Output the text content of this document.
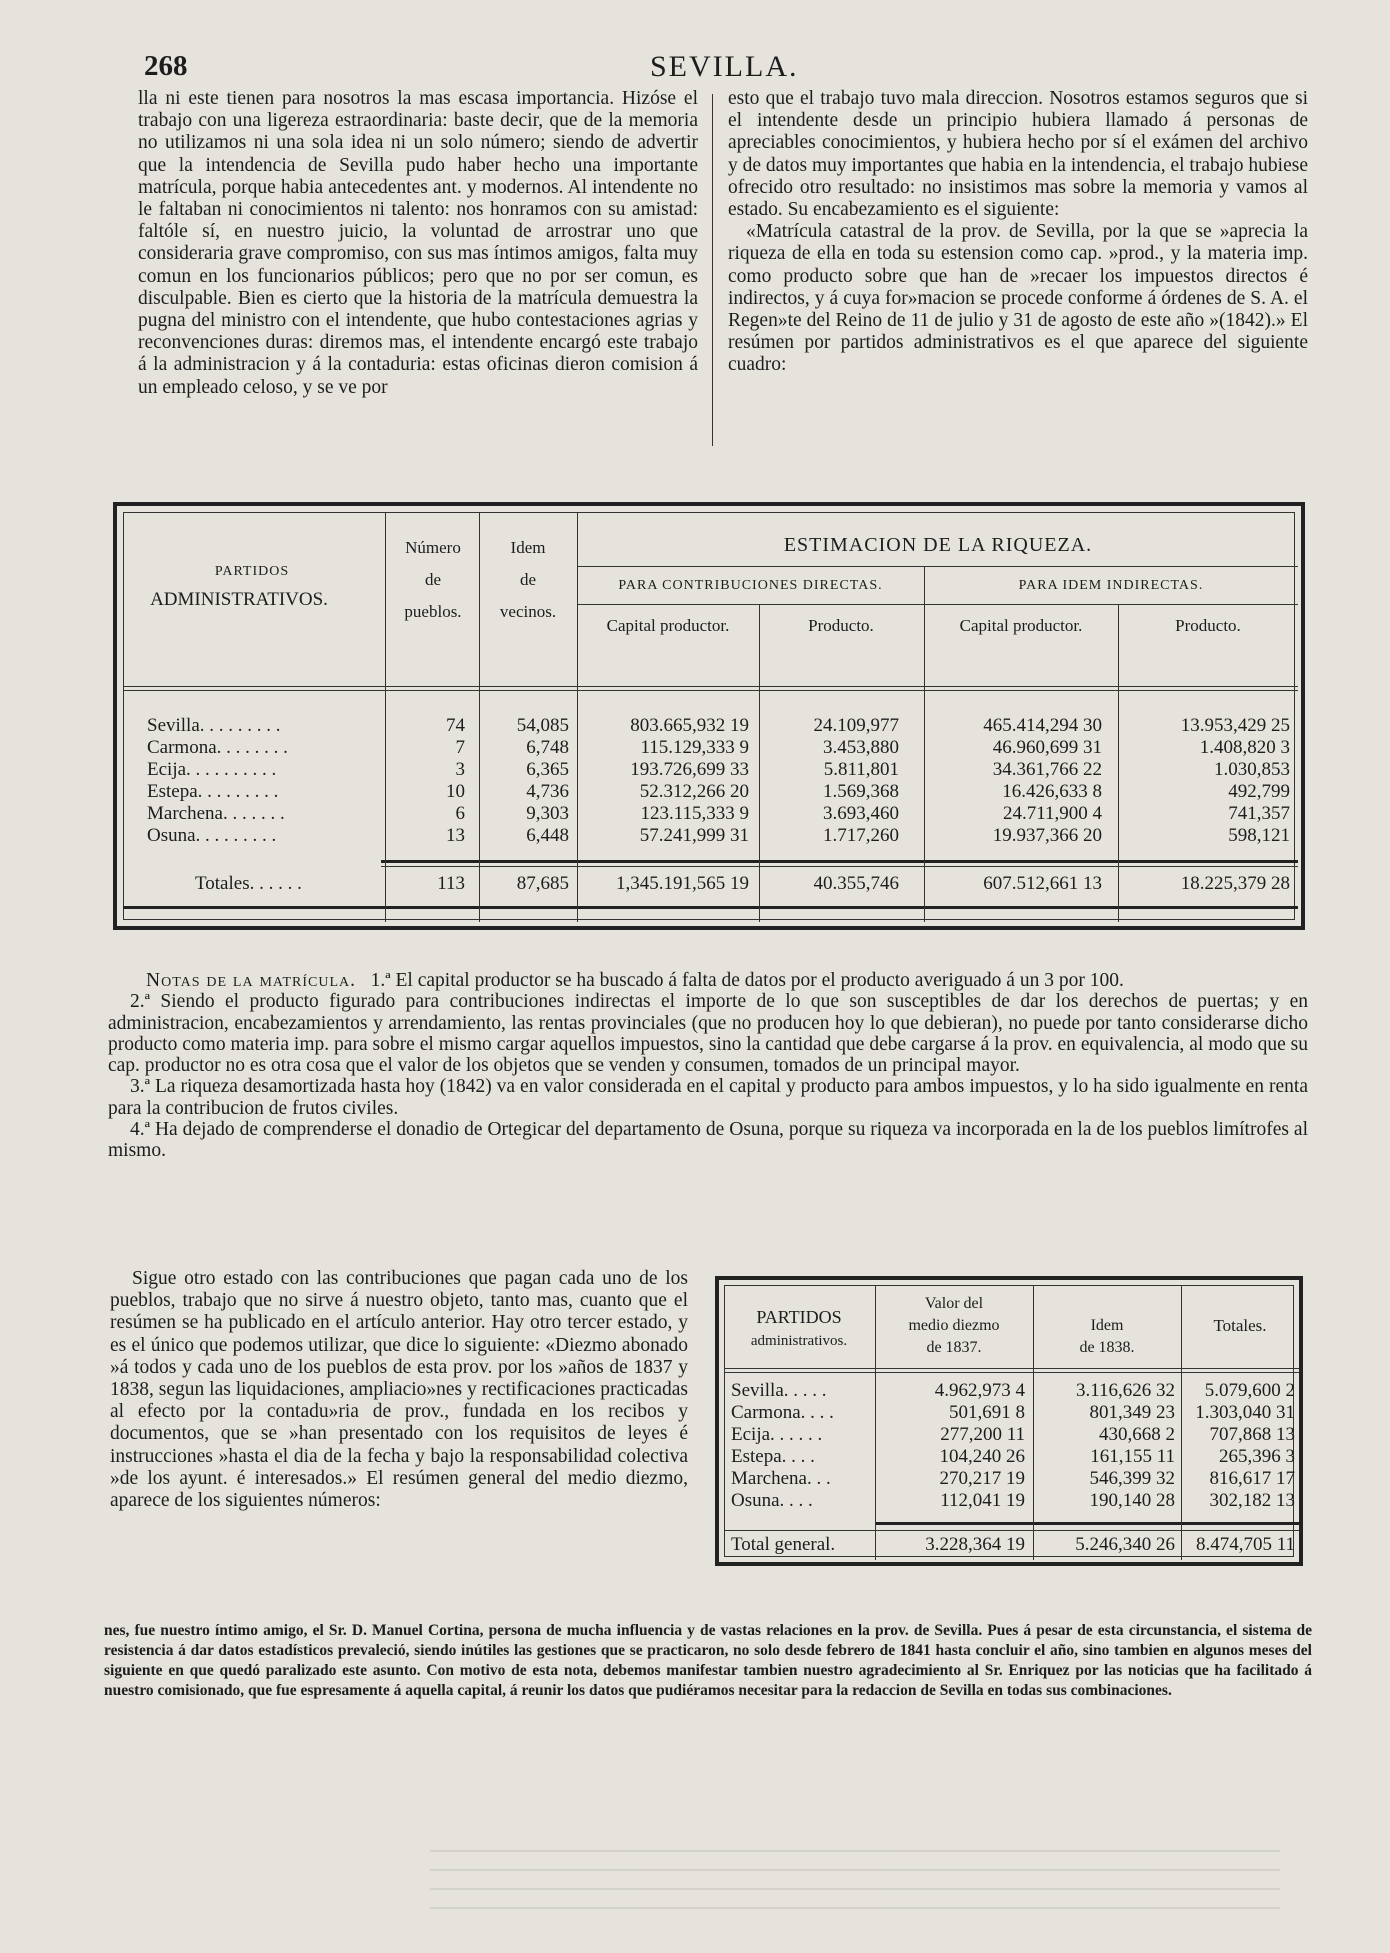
268	SEVILLA.

lla ni este tienen para nosotros la mas escasa importancia. Hizóse el trabajo con una ligereza estraordinaria: baste decir, que de la memoria no utilizamos ni una sola idea ni un solo número; siendo de advertir que la intendencia de Sevilla pudo haber hecho una importante matrícula, porque habia antecedentes ant. y modernos. Al intendente no le faltaban ni conocimientos ni talento: nos honramos con su amistad: faltóle sí, en nuestro juicio, la voluntad de arrostrar uno que consideraria grave compromiso, con sus mas íntimos amigos, falta muy comun en los funcionarios públicos; pero que no por ser comun, es disculpable. Bien es cierto que la historia de la matrícula demuestra la pugna del ministro con el intendente, que hubo contestaciones agrias y reconvenciones duras: diremos mas, el intendente encargó este trabajo á la administracion y á la contaduria: estas oficinas dieron comision á un empleado celoso, y se ve por

esto que el trabajo tuvo mala direccion. Nosotros estamos seguros que si el intendente desde un principio hubiera llamado á personas de apreciables conocimientos, y hubiera hecho por sí el exámen del archivo y de datos muy importantes que habia en la intendencia, el trabajo hubiese ofrecido otro resultado: no insistimos mas sobre la memoria y vamos al estado. Su encabezamiento es el siguiente:

«Matrícula catastral de la prov. de Sevilla, por la que se »aprecia la riqueza de ella en toda su estension como cap. »prod., y la materia imp. como producto sobre que han de »recaer los impuestos directos é indirectos, y á cuya for»macion se procede conforme á órdenes de S. A. el Regen»te del Reino de 11 de julio y 31 de agosto de este año »(1842).» El resúmen por partidos administrativos es el que aparece del siguiente cuadro:

PARTIDOS
ADMINISTRATIVOS.
Número
de
pueblos.
Idem
de
vecinos.
ESTIMACION DE LA RIQUEZA.
PARA CONTRIBUCIONES DIRECTAS.	PARA IDEM INDIRECTAS.
Capital productor.	Producto.	Capital productor.	Producto.
Sevilla. . . . . . . . .	74	54,085	803.665,932 19	24.109,977	465.414,294 30	13.953,429 25
Carmona. . . . . . . .	7	6,748	115.129,333 9	3.453,880	46.960,699 31	1.408,820 3
Ecija. . . . . . . . . .	3	6,365	193.726,699 33	5.811,801	34.361,766 22	1.030,853
Estepa. . . . . . . . .	10	4,736	52.312,266 20	1.569,368	16.426,633 8	492,799
Marchena. . . . . . .	6	9,303	123.115,333 9	3.693,460	24.711,900 4	741,357
Osuna. . . . . . . . .	13	6,448	57.241,999 31	1.717,260	19.937,366 20	598,121
Totales. . . . . .	113	87,685	1,345.191,565 19	40.355,746	607.512,661 13	18.225,379 28

Notas de la matrícula. 1.ª El capital productor se ha buscado á falta de datos por el producto averiguado á un 3 por 100.

2.ª Siendo el producto figurado para contribuciones indirectas el importe de lo que son susceptibles de dar los derechos de puertas; y en administracion, encabezamientos y arrendamiento, las rentas provinciales (que no producen hoy lo que debieran), no puede por tanto considerarse dicho producto como materia imp. para sobre el mismo cargar aquellos impuestos, sino la cantidad que debe cargarse á la prov. en equivalencia, al modo que su cap. productor no es otra cosa que el valor de los objetos que se venden y consumen, tomados de un principal mayor.

3.ª La riqueza desamortizada hasta hoy (1842) va en valor considerada en el capital y producto para ambos impuestos, y lo ha sido igualmente en renta para la contribucion de frutos civiles.

4.ª Ha dejado de comprenderse el donadio de Ortegicar del departamento de Osuna, porque su riqueza va incorporada en la de los pueblos limítrofes al mismo.

Sigue otro estado con las contribuciones que pagan cada uno de los pueblos, trabajo que no sirve á nuestro objeto, tanto mas, cuanto que el resúmen se ha publicado en el artículo anterior. Hay otro tercer estado, y es el único que podemos utilizar, que dice lo siguiente: «Diezmo abonado »á todos y cada uno de los pueblos de esta prov. por los »años de 1837 y 1838, segun las liquidaciones, ampliacio»nes y rectificaciones practicadas al efecto por la contadu»ria de prov., fundada en los recibos y documentos, que se »han presentado con los requisitos de leyes é instrucciones »hasta el dia de la fecha y bajo la responsabilidad colectiva »de los ayunt. é interesados.» El resúmen general del medio diezmo, aparece de los siguientes números:

PARTIDOS
administrativos.
Valor del
medio diezmo
de 1837.
Idem
de 1838.
Totales.
Sevilla. . . . .	4.962,973 4	3.116,626 32	5.079,600 2
Carmona. . . .	501,691 8	801,349 23	1.303,040 31
Ecija. . . . . .	277,200 11	430,668 2	707,868 13
Estepa. . . .	104,240 26	161,155 11	265,396 3
Marchena. . .	270,217 19	546,399 32	816,617 17
Osuna. . . .	112,041 19	190,140 28	302,182 13
Total general.	3.228,364 19	5.246,340 26	8.474,705 11

nes, fue nuestro íntimo amigo, el Sr. D. Manuel Cortina, persona de mucha influencia y de vastas relaciones en la prov. de Sevilla. Pues á pesar de esta circunstancia, el sistema de resistencia á dar datos estadísticos prevaleció, siendo inútiles las gestiones que se practicaron, no solo desde febrero de 1841 hasta concluir el año, sino tambien en algunos meses del siguiente en que quedó paralizado este asunto. Con motivo de esta nota, debemos manifestar tambien nuestro agradecimiento al Sr. Enriquez por las noticias que ha facilitado á nuestro comisionado, que fue espresamente á aquella capital, á reunir los datos que pudiéramos necesitar para la redaccion de Sevilla en todas sus combinaciones.
